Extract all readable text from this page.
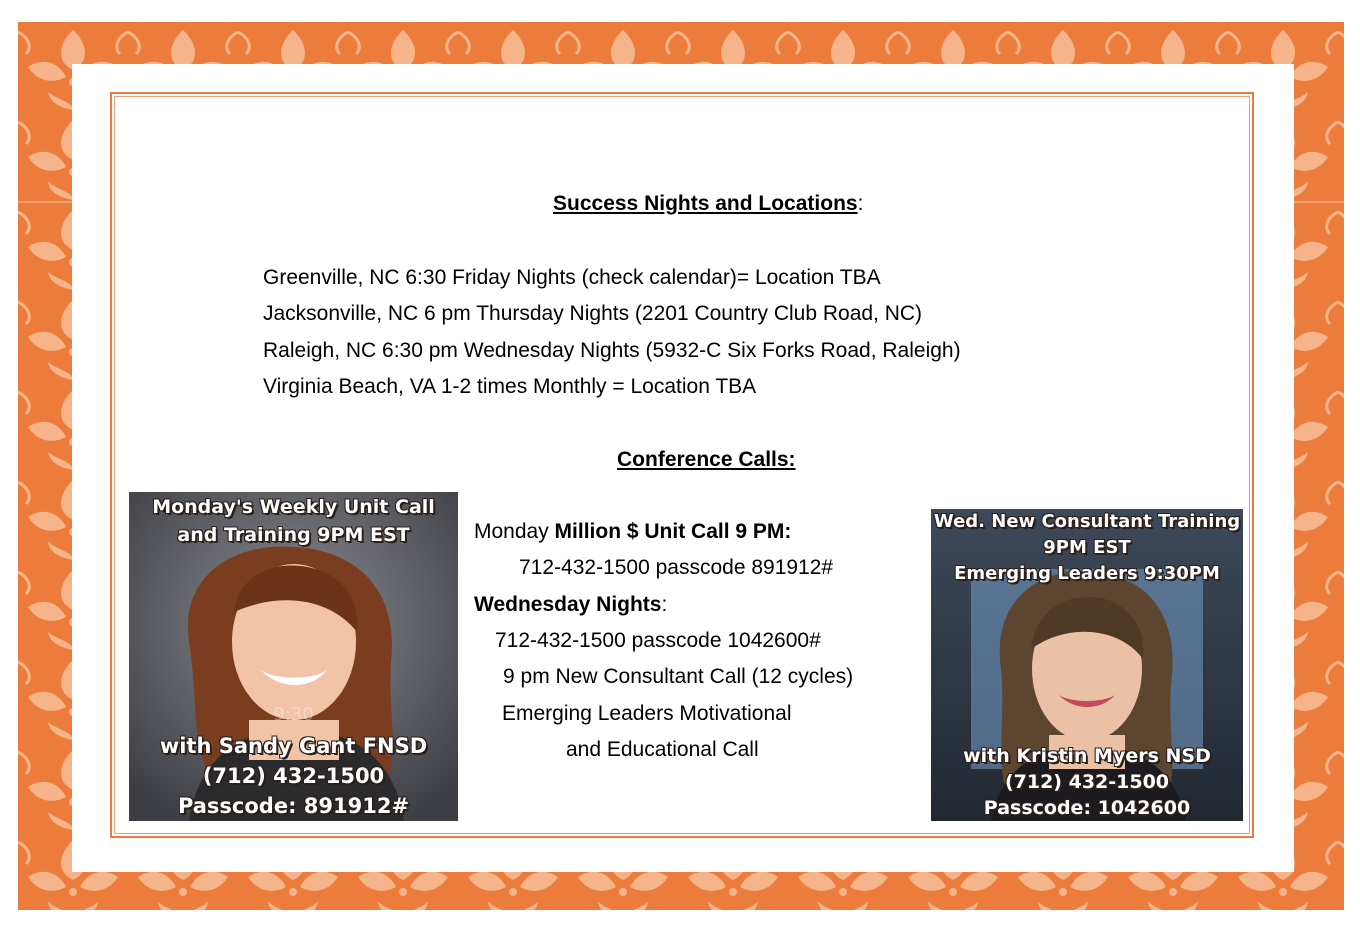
Success Nights and Locations:
Greenville, NC 6:30 Friday Nights (check calendar)= Location TBA
Jacksonville, NC 6 pm Thursday Nights (2201 Country Club Road, NC)
Raleigh, NC 6:30 pm Wednesday Nights (5932-C Six Forks Road, Raleigh)
Virginia Beach, VA 1-2 times Monthly = Location TBA
Conference Calls:
Monday Million $ Unit Call 9 PM:
712-432-1500 passcode 891912#
Wednesday Nights:
712-432-1500 passcode 1042600#
9 pm New Consultant Call (12 cycles)
Emerging Leaders Motivational
and Educational Call
Monday's Weekly Unit Call
and Training 9PM EST
9:30
with Sandy Gant FNSD
(712) 432-1500
Passcode: 891912#
Wed. New Consultant Training
9PM EST
Emerging Leaders 9:30PM
with Kristin Myers NSD
(712) 432-1500
Passcode: 1042600
